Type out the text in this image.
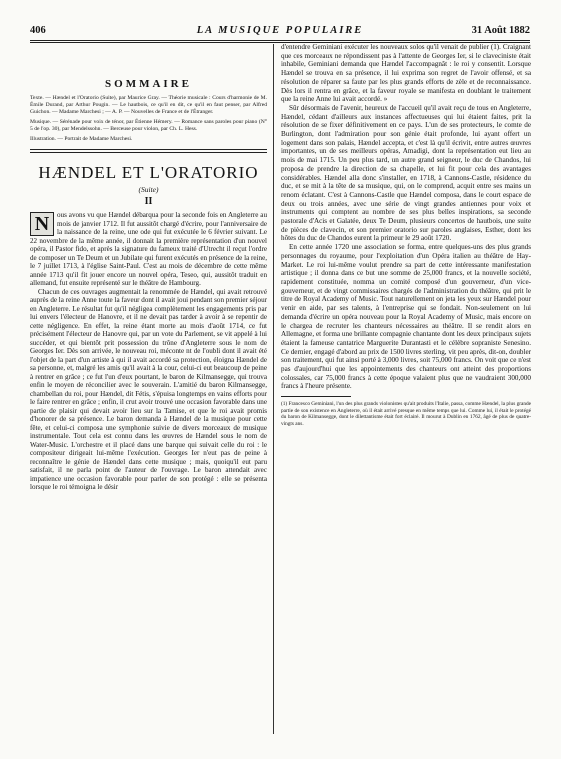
406	LA MUSIQUE POPULAIRE	31 Août 1882
SOMMAIRE

Texte. — Hændel et l'Oratorio (Suite), par Maurice Gray. — Théorie musicale : Cours d'harmonie de M. Émile Durand, par Arthur Pougin. — Le hautbois, ce qu'il en dit, ce qu'il en faut penser, par Alfred Guichon. — Madame Marchesi ; — A. P. — Nouvelles de France et de l'Étranger.

Musique. — Sérénade pour voix de ténor, par Étienne Hémery. — Romance sans paroles pour piano (N° 5 de l'op. 30), par Mendelssohn. — Berceuse pour violon, par Ch. L. Hess.

Illustration. — Portrait de Madame Marchesi.

HÆNDEL ET L'ORATORIO
(Suite)
II

N	ous avons vu que Hændel débarqua pour la seconde fois en Angleterre au mois de janvier 1712. Il fut aussitôt chargé d'écrire, pour l'anniversaire de la naissance de la reine, une ode qui fut exécutée le 6 février suivant. Le 22 novembre de la même année, il donnait la première représentation d'un nouvel opéra, il Pastor fido, et après la signature du fameux traité d'Utrecht il reçut l'ordre de composer un Te Deum et un Jubilate qui furent exécutés en présence de la reine, le 7 juillet 1713, à l'église Saint-Paul. C'est au mois de décembre de cette même année 1713 qu'il fit jouer encore un nouvel opéra, Teseo, qui, aussitôt traduit en allemand, fut ensuite représenté sur le théâtre de Hambourg.

Chacun de ces ouvrages augmentait la renommée de Hændel, qui avait retrouvé auprès de la reine Anne toute la faveur dont il avait joui pendant son premier séjour en Angleterre. Le résultat fut qu'il négligea complètement les engagements pris par lui envers l'électeur de Hanovre, et il ne devait pas tarder à avoir à se repentir de cette négligence. En effet, la reine étant morte au mois d'août 1714, ce fut précisément l'électeur de Hanovre qui, par un vote du Parlement, se vit appelé à lui succéder, et qui bientôt prit possession du trône d'Angleterre sous le nom de Georges Ier. Dès son arrivée, le nouveau roi, méconte nt de l'oubli dont il avait été l'objet de la part d'un artiste à qui il avait accordé sa protection, éloigna Hændel de sa personne, et, malgré les amis qu'il avait à la cour, celui-ci eut beaucoup de peine à rentrer en grâce ; ce fut l'un d'eux pourtant, le baron de Kilmansegge, qui trouva enfin le moyen de réconcilier avec le souverain. L'amitié du baron Kilmansegge, chambellan du roi, pour Hændel, dit Fétis, s'épuisa longtemps en vains efforts pour le faire rentrer en grâce ; enfin, il crut avoir trouvé une occasion favorable dans une partie de plaisir qui devait avoir lieu sur la Tamise, et que le roi avait promis d'honorer de sa présence. Le baron demanda à Hændel de la musique pour cette fête, et celui-ci composa une symphonie suivie de divers morceaux de musique instrumentale. Tout cela est connu dans les œuvres de Hændel sous le nom de Water-Music. L'orchestre et il placé dans une barque qui suivait celle du roi : le compositeur dirigeait lui-même l'exécution. Georges Ier n'eut pas de peine à reconnaître le génie de Hændel dans cette musique ; mais, quoiqu'il eut paru satisfait, il ne parla point de l'auteur de l'ouvrage. Le baron attendait avec impatience une occasion favorable pour parler de son protégé : elle se présenta lorsque le roi témoigna le désir

d'entendre Geminiani exécuter les nouveaux solos qu'il venait de publier (1). Craignant que ces morceaux ne répondissent pas à l'attente de Georges Ier, si le claveciniste était inhabile, Geminiani demanda que Hændel l'accompagnât : le roi y consentit. Lorsque Hændel se trouva en sa présence, il lui exprima son regret de l'avoir offensé, et sa résolution de réparer sa faute par les plus grands efforts de zèle et de reconnaissance. Dès lors il rentra en grâce, et la faveur royale se manifesta en doublant le traitement que la reine Anne lui avait accordé. »

Sûr désormais de l'avenir, heureux de l'accueil qu'il avait reçu de tous en Angleterre, Hændel, cédant d'ailleurs aux instances affectueuses qui lui étaient faites, prit la résolution de se fixer définitivement en ce pays. L'un de ses protecteurs, le comte de Burlington, dont l'admiration pour son génie était profonde, lui ayant offert un logement dans son palais, Hændel accepta, et c'est là qu'il écrivit, entre autres œuvres importantes, un de ses meilleurs opéras, Amadigi, dont la représentation eut lieu au mois de mai 1715. Un peu plus tard, un autre grand seigneur, le duc de Chandos, lui proposa de prendre la direction de sa chapelle, et lui fit pour cela des avantages considérables. Hændel alla donc s'installer, en 1718, à Cannons-Castle, résidence du duc, et se mit à la tête de sa musique, qui, on le comprend, acquit entre ses mains un renom éclatant. C'est à Cannons-Castle que Hændel composa, dans le court espace de deux ou trois années, avec une série de vingt grandes antiennes pour voix et instruments qui comptent au nombre de ses plus belles inspirations, sa seconde pastorale d'Acis et Galatée, deux Te Deum, plusieurs concertos de hautbois, une suite de pièces de clavecin, et son premier oratorio sur paroles anglaises, Esther, dont les hôtes du duc de Chandos eurent la primeur le 29 août 1720.

En cette année 1720 une association se forma, entre quelques-uns des plus grands personnages du royaume, pour l'exploitation d'un Opéra italien au théâtre de Hay-Market. Le roi lui-même voulut prendre sa part de cette intéressante manifestation artistique ; il donna dans ce but une somme de 25,000 francs, et la nouvelle société, rapidement constituée, nomma un comité composé d'un gouverneur, d'un vice-gouverneur, et de vingt commissaires chargés de l'administration du théâtre, qui prit le titre de Royal Academy of Music. Tout naturellement on jeta les yeux sur Hændel pour venir en aide, par ses talents, à l'entreprise qui se fondait. Non-seulement on lui demanda d'écrire un opéra nouveau pour la Royal Academy of Music, mais encore on le chargea de recruter les chanteurs nécessaires au théâtre. Il se rendit alors en Allemagne, et forma une brillante compagnie chantante dont les deux principaux sujets étaient la fameuse cantatrice Marguerite Durantasti et le célèbre sopraniste Senesino. Ce dernier, engagé d'abord au prix de 1500 livres sterling, vit peu après, dit-on, doubler son traitement, qui fut ainsi porté à 3,000 livres, soit 75,000 francs. On voit que ce n'est pas d'aujourd'hui que les appointements des chanteurs ont atteint des proportions colossales, car 75,000 francs à cette époque valaient plus que ne vaudraient 300,000 francs à l'heure présente.

(1) Francesco Geminiani, l'un des plus grands violonistes qu'ait produits l'Italie, passa, comme Hændel, la plus grande partie de son existence en Angleterre, où il était arrivé presque en même temps que lui. Comme lui, il était le protégé du baron de Kilmansegge, dont le dilettantisme était fort éclairé. Il mourut à Dublin en 1762, âgé de plus de quatre-vingts ans.
